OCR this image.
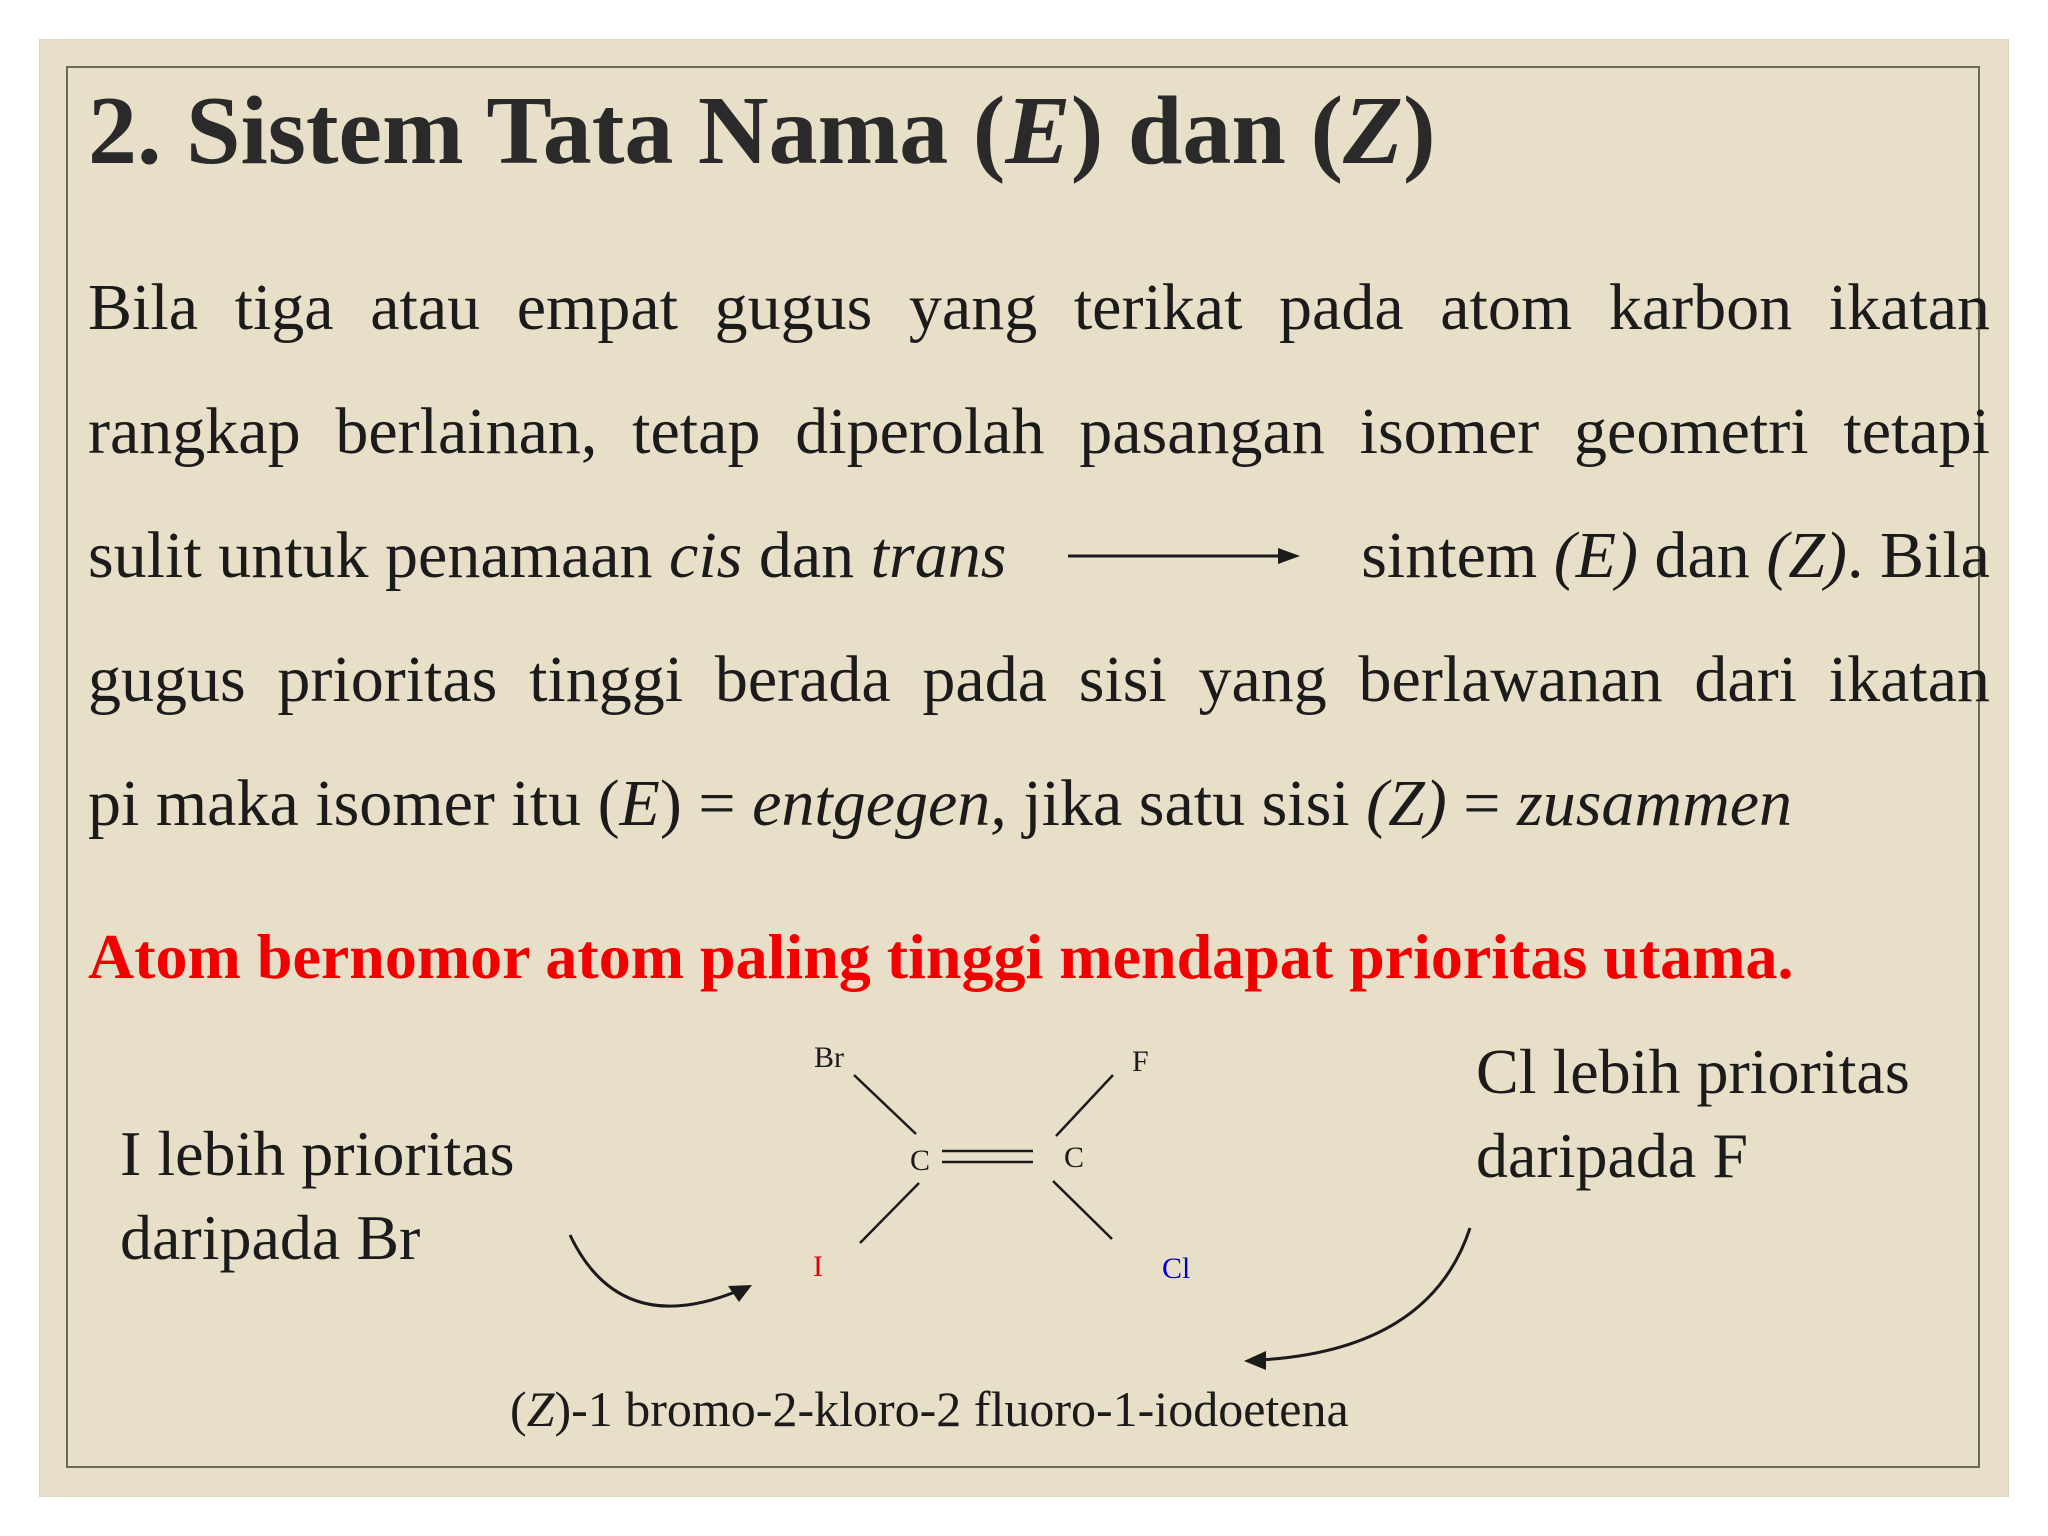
2. Sistem Tata Nama (E) dan (Z)
Bila tiga atau empat gugus yang terikat pada atom karbon ikatan
rangkap berlainan, tetap diperolah pasangan isomer geometri tetapi
sulit untuk penamaan cis dan trans	sintem (E) dan (Z). Bila
gugus prioritas tinggi berada pada sisi yang berlawanan dari ikatan
pi maka isomer itu (E) = entgegen, jika satu sisi (Z) = zusammen
Atom bernomor atom paling tinggi mendapat prioritas utama.
I lebih prioritas
daripada Br
Cl lebih prioritas
daripada F
Br	F
C	C
I	Cl
(Z)-1 bromo-2-kloro-2 fluoro-1-iodoetena
